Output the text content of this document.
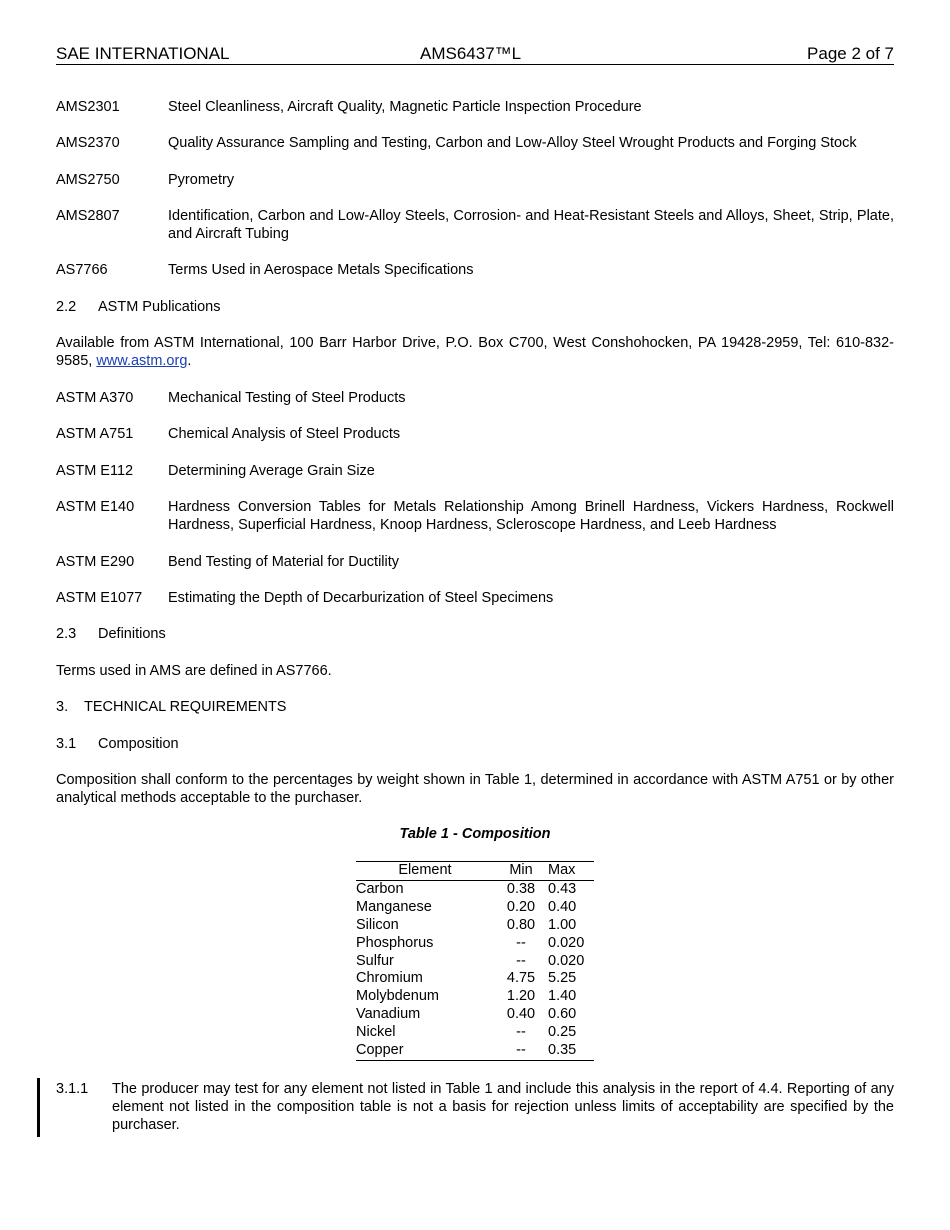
SAE INTERNATIONAL	AMS6437™L	Page 2 of 7
AMS2301	Steel Cleanliness, Aircraft Quality, Magnetic Particle Inspection Procedure
AMS2370	Quality Assurance Sampling and Testing, Carbon and Low-Alloy Steel Wrought Products and Forging Stock
AMS2750	Pyrometry
AMS2807	Identification, Carbon and Low-Alloy Steels, Corrosion- and Heat-Resistant Steels and Alloys, Sheet, Strip, Plate, and Aircraft Tubing
AS7766	Terms Used in Aerospace Metals Specifications
2.2 ASTM Publications
Available from ASTM International, 100 Barr Harbor Drive, P.O. Box C700, West Conshohocken, PA 19428-2959, Tel: 610-832-9585, www.astm.org.
ASTM A370	Mechanical Testing of Steel Products
ASTM A751	Chemical Analysis of Steel Products
ASTM E112	Determining Average Grain Size
ASTM E140	Hardness Conversion Tables for Metals Relationship Among Brinell Hardness, Vickers Hardness, Rockwell Hardness, Superficial Hardness, Knoop Hardness, Scleroscope Hardness, and Leeb Hardness
ASTM E290	Bend Testing of Material for Ductility
ASTM E1077	Estimating the Depth of Decarburization of Steel Specimens
2.3 Definitions
Terms used in AMS are defined in AS7766.
3. TECHNICAL REQUIREMENTS
3.1 Composition
Composition shall conform to the percentages by weight shown in Table 1, determined in accordance with ASTM A751 or by other analytical methods acceptable to the purchaser.
Table 1 - Composition
Element	Min	Max
Carbon	0.38	0.43
Manganese	0.20	0.40
Silicon	0.80	1.00
Phosphorus	--	0.020
Sulfur	--	0.020
Chromium	4.75	5.25
Molybdenum	1.20	1.40
Vanadium	0.40	0.60
Nickel	--	0.25
Copper	--	0.35
3.1.1	The producer may test for any element not listed in Table 1 and include this analysis in the report of 4.4. Reporting of any element not listed in the composition table is not a basis for rejection unless limits of acceptability are specified by the purchaser.
